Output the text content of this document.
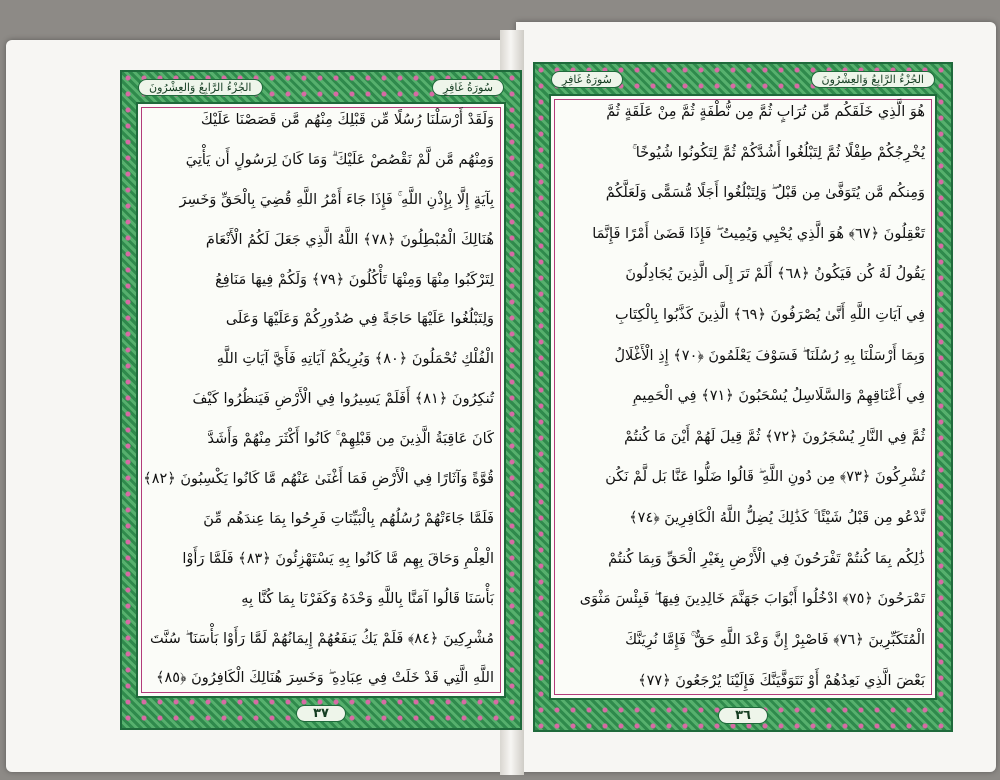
الجُزْءُ الرَّابِعُ وَالعِشْرُونَ	سُورَةُ غَافِرٍ
وَلَقَدْ أَرْسَلْنَا رُسُلًا مِّن قَبْلِكَ مِنْهُم مَّن قَصَصْنَا عَلَيْكَ
وَمِنْهُم مَّن لَّمْ نَقْصُصْ عَلَيْكَ ۗ وَمَا كَانَ لِرَسُولٍ أَن يَأْتِيَ
بِآيَةٍ إِلَّا بِإِذْنِ اللَّهِ ۚ فَإِذَا جَاءَ أَمْرُ اللَّهِ قُضِيَ بِالْحَقِّ وَخَسِرَ
هُنَالِكَ الْمُبْطِلُونَ ﴿٧٨﴾ اللَّهُ الَّذِي جَعَلَ لَكُمُ الْأَنْعَامَ
لِتَرْكَبُوا مِنْهَا وَمِنْهَا تَأْكُلُونَ ﴿٧٩﴾ وَلَكُمْ فِيهَا مَنَافِعُ
وَلِتَبْلُغُوا عَلَيْهَا حَاجَةً فِي صُدُورِكُمْ وَعَلَيْهَا وَعَلَى
الْفُلْكِ تُحْمَلُونَ ﴿٨٠﴾ وَيُرِيكُمْ آيَاتِهِ فَأَيَّ آيَاتِ اللَّهِ
تُنكِرُونَ ﴿٨١﴾ أَفَلَمْ يَسِيرُوا فِي الْأَرْضِ فَيَنظُرُوا كَيْفَ
كَانَ عَاقِبَةُ الَّذِينَ مِن قَبْلِهِمْ ۚ كَانُوا أَكْثَرَ مِنْهُمْ وَأَشَدَّ
قُوَّةً وَآثَارًا فِي الْأَرْضِ فَمَا أَغْنَىٰ عَنْهُم مَّا كَانُوا يَكْسِبُونَ ﴿٨٢﴾
فَلَمَّا جَاءَتْهُمْ رُسُلُهُم بِالْبَيِّنَاتِ فَرِحُوا بِمَا عِندَهُم مِّنَ
الْعِلْمِ وَحَاقَ بِهِم مَّا كَانُوا بِهِ يَسْتَهْزِئُونَ ﴿٨٣﴾ فَلَمَّا رَأَوْا
بَأْسَنَا قَالُوا آمَنَّا بِاللَّهِ وَحْدَهُ وَكَفَرْنَا بِمَا كُنَّا بِهِ
مُشْرِكِينَ ﴿٨٤﴾ فَلَمْ يَكُ يَنفَعُهُمْ إِيمَانُهُمْ لَمَّا رَأَوْا بَأْسَنَا ۖ سُنَّتَ
اللَّهِ الَّتِي قَدْ خَلَتْ فِي عِبَادِهِ ۖ وَخَسِرَ هُنَالِكَ الْكَافِرُونَ ﴿٨٥﴾
٣٧
سُورَةُ غَافِرٍ	الجُزْءُ الرَّابِعُ وَالعِشْرُونَ
هُوَ الَّذِي خَلَقَكُم مِّن تُرَابٍ ثُمَّ مِن نُّطْفَةٍ ثُمَّ مِنْ عَلَقَةٍ ثُمَّ
يُخْرِجُكُمْ طِفْلًا ثُمَّ لِتَبْلُغُوا أَشُدَّكُمْ ثُمَّ لِتَكُونُوا شُيُوخًا ۚ
وَمِنكُم مَّن يُتَوَفَّىٰ مِن قَبْلُ ۖ وَلِتَبْلُغُوا أَجَلًا مُّسَمًّى وَلَعَلَّكُمْ
تَعْقِلُونَ ﴿٦٧﴾ هُوَ الَّذِي يُحْيِي وَيُمِيتُ ۖ فَإِذَا قَضَىٰ أَمْرًا فَإِنَّمَا
يَقُولُ لَهُ كُن فَيَكُونُ ﴿٦٨﴾ أَلَمْ تَرَ إِلَى الَّذِينَ يُجَادِلُونَ
فِي آيَاتِ اللَّهِ أَنَّىٰ يُصْرَفُونَ ﴿٦٩﴾ الَّذِينَ كَذَّبُوا بِالْكِتَابِ
وَبِمَا أَرْسَلْنَا بِهِ رُسُلَنَا ۖ فَسَوْفَ يَعْلَمُونَ ﴿٧٠﴾ إِذِ الْأَغْلَالُ
فِي أَعْنَاقِهِمْ وَالسَّلَاسِلُ يُسْحَبُونَ ﴿٧١﴾ فِي الْحَمِيمِ
ثُمَّ فِي النَّارِ يُسْجَرُونَ ﴿٧٢﴾ ثُمَّ قِيلَ لَهُمْ أَيْنَ مَا كُنتُمْ
تُشْرِكُونَ ﴿٧٣﴾ مِن دُونِ اللَّهِ ۖ قَالُوا ضَلُّوا عَنَّا بَل لَّمْ نَكُن
نَّدْعُو مِن قَبْلُ شَيْئًا ۚ كَذَٰلِكَ يُضِلُّ اللَّهُ الْكَافِرِينَ ﴿٧٤﴾
ذَٰلِكُم بِمَا كُنتُمْ تَفْرَحُونَ فِي الْأَرْضِ بِغَيْرِ الْحَقِّ وَبِمَا كُنتُمْ
تَمْرَحُونَ ﴿٧٥﴾ ادْخُلُوا أَبْوَابَ جَهَنَّمَ خَالِدِينَ فِيهَا ۖ فَبِئْسَ مَثْوَى
الْمُتَكَبِّرِينَ ﴿٧٦﴾ فَاصْبِرْ إِنَّ وَعْدَ اللَّهِ حَقٌّ ۚ فَإِمَّا نُرِيَنَّكَ
بَعْضَ الَّذِي نَعِدُهُمْ أَوْ نَتَوَفَّيَنَّكَ فَإِلَيْنَا يُرْجَعُونَ ﴿٧٧﴾
٣٦
